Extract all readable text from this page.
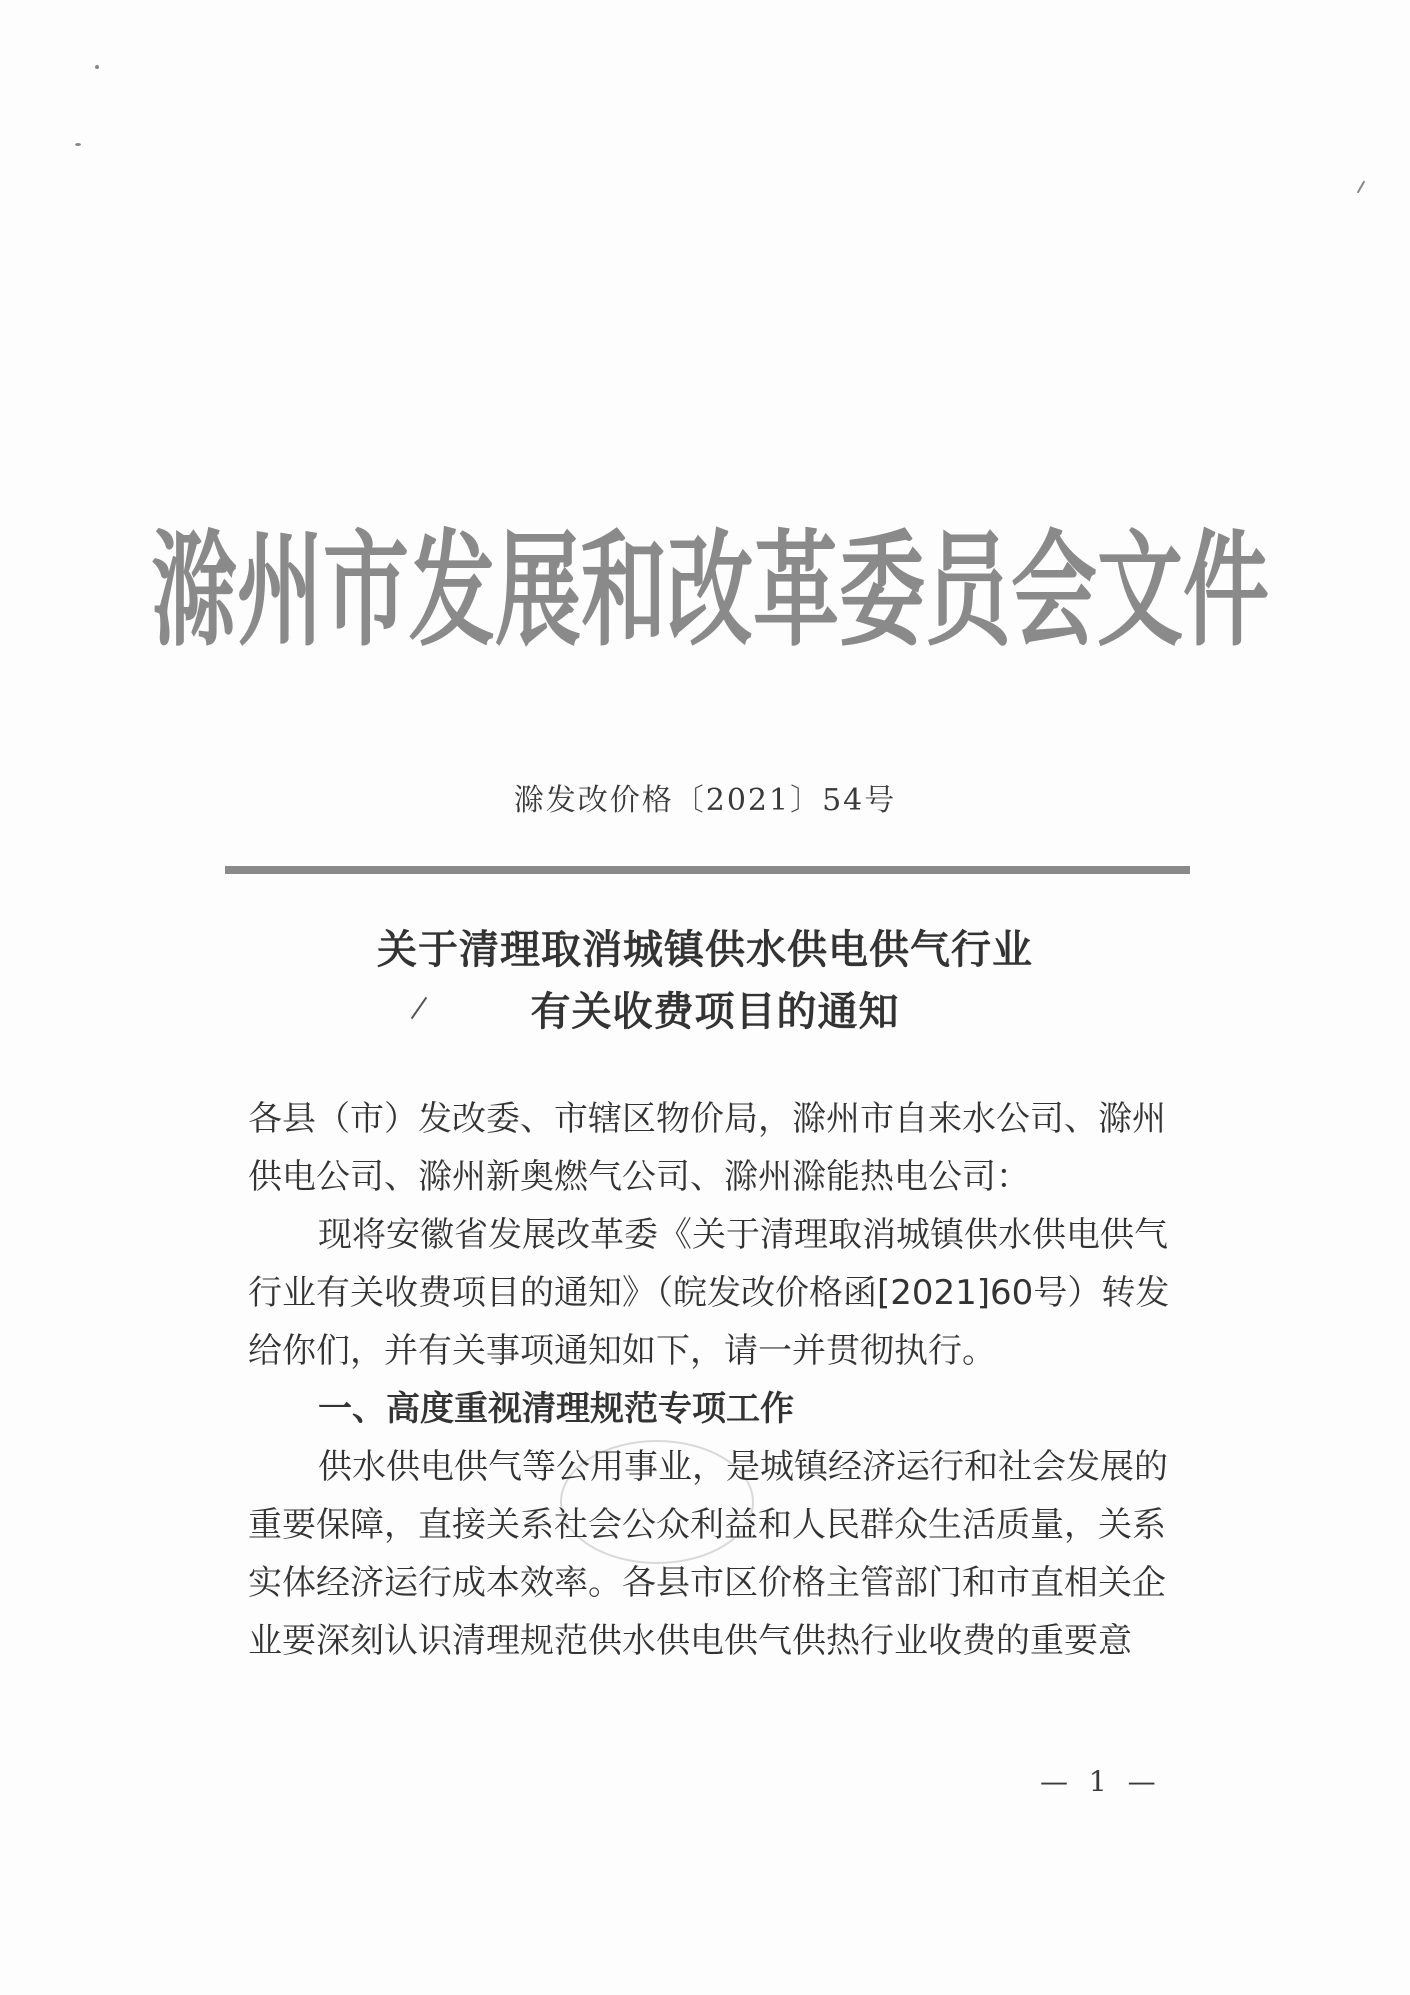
滁州市发展和改革委员会文件
滁发改价格〔2021〕54号
关于清理取消城镇供水供电供气行业
有关收费项目的通知
各县（市）发改委、市辖区物价局，滁州市自来水公司、滁州
供电公司、滁州新奥燃气公司、滁州滁能热电公司：
现将安徽省发展改革委《关于清理取消城镇供水供电供气
行业有关收费项目的通知》（皖发改价格函[2021]60号）转发
给你们，并有关事项通知如下，请一并贯彻执行。
一、高度重视清理规范专项工作
供水供电供气等公用事业，是城镇经济运行和社会发展的
重要保障，直接关系社会公众利益和人民群众生活质量，关系
实体经济运行成本效率。各县市区价格主管部门和市直相关企
业要深刻认识清理规范供水供电供气供热行业收费的重要意
— 1 —
